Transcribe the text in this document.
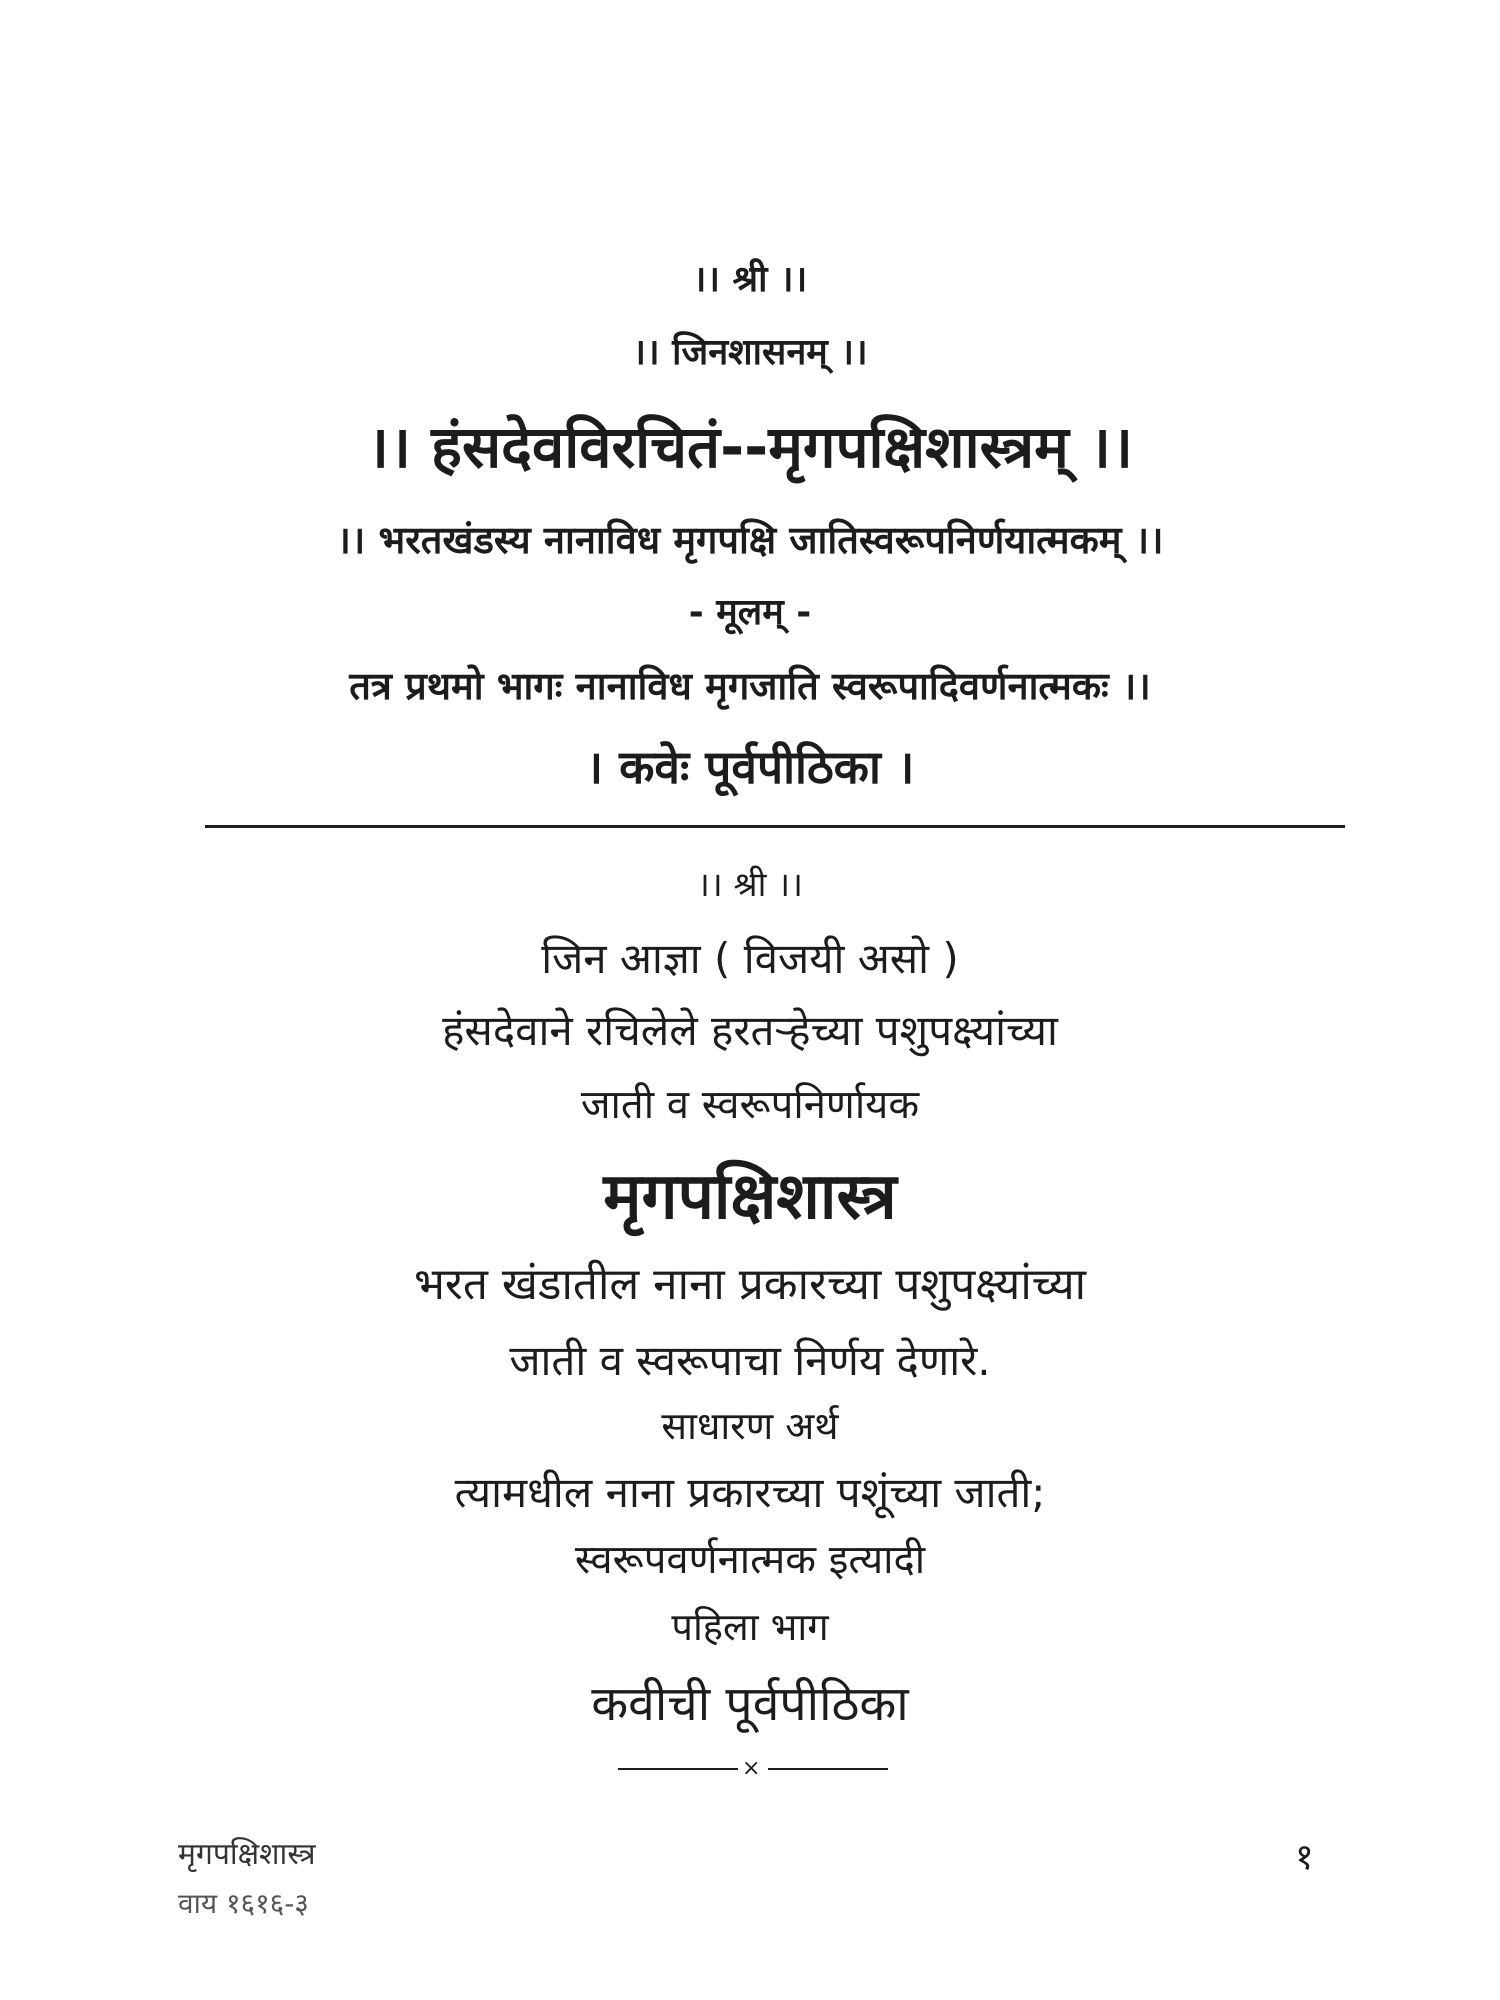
।। श्री ।।
।। जिनशासनम् ।।
।। हंसदेवविरचितं--मृगपक्षिशास्त्रम् ।।
।। भरतखंडस्य नानाविध मृगपक्षि जातिस्वरूपनिर्णयात्मकम् ।।
- मूलम् -
तत्र प्रथमो भागः नानाविध मृगजाति स्वरूपादिवर्णनात्मकः ।।
। कवेः पूर्वपीठिका ।
।। श्री ।।
जिन आज्ञा ( विजयी असो )
हंसदेवाने रचिलेले हरतऱ्हेच्या पशुपक्ष्यांच्या
जाती व स्वरूपनिर्णायक
मृगपक्षिशास्त्र
भरत खंडातील नाना प्रकारच्या पशुपक्ष्यांच्या
जाती व स्वरूपाचा निर्णय देणारे.
साधारण अर्थ
त्यामधील नाना प्रकारच्या पशूंच्या जाती;
स्वरूपवर्णनात्मक इत्यादी
पहिला भाग
कवीची पूर्वपीठिका
×
मृगपक्षिशास्त्र
वाय १६१६-३
१
